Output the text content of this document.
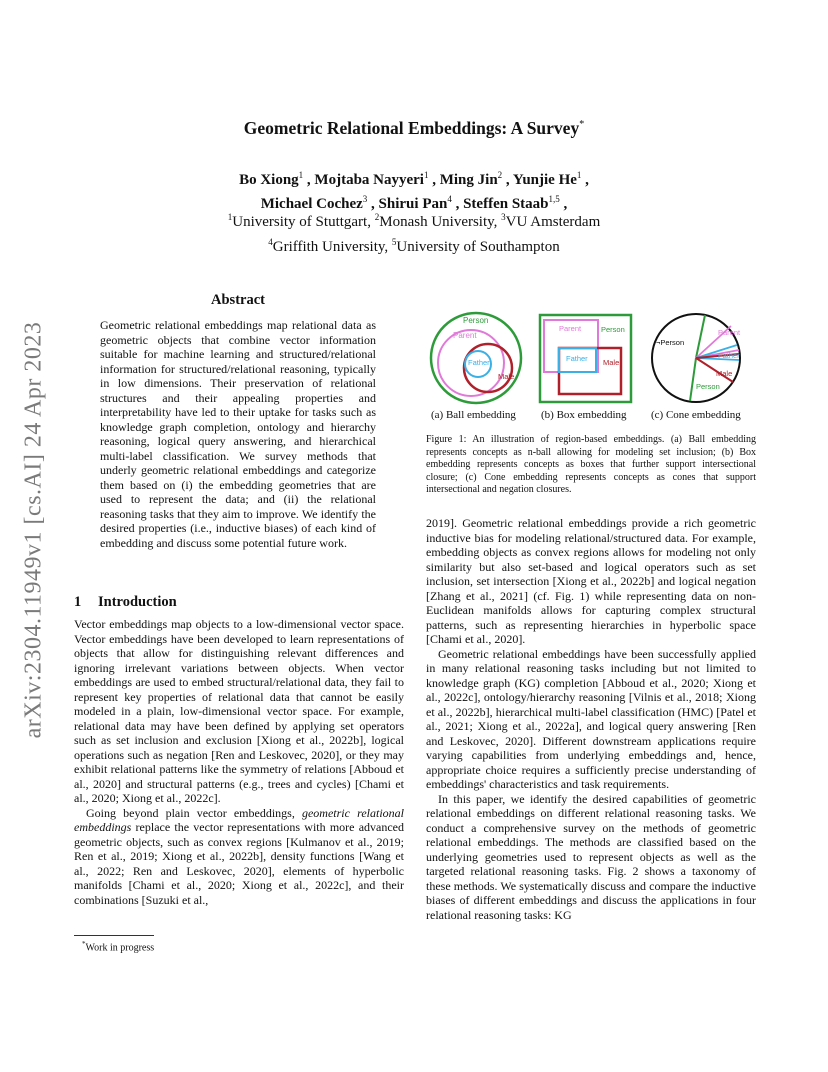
arXiv:2304.11949v1 [cs.AI] 24 Apr 2023
Geometric Relational Embeddings: A Survey*
Bo Xiong$^1$ , Mojtaba Nayyeri$^1$ , Ming Jin$^2$ , Yunjie He$^1$ ,
Michael Cochez$^3$ , Shirui Pan$^4$ , Steffen Staab$^{1,5}$ ,
$^1$University of Stuttgart, $^2$Monash University, $^3$VU Amsterdam
$^4$Griffith University, $^5$University of Southampton
Abstract
Geometric relational embeddings map relational data as geometric objects that combine vector information suitable for machine learning and structured/relational information for structured/relational reasoning, typically in low dimensions. Their preservation of relational structures and their appealing properties and interpretability have led to their uptake for tasks such as knowledge graph completion, ontology and hierarchy reasoning, logical query answering, and hierarchical multi-label classification. We survey methods that underly geometric relational embeddings and categorize them based on (i) the embedding geometries that are used to represent the data; and (ii) the relational reasoning tasks that they aim to improve. We identify the desired properties (i.e., inductive biases) of each kind of embedding and discuss some potential future work.
1 Introduction

Vector embeddings map objects to a low-dimensional vector space. Vector embeddings have been developed to learn representations of objects that allow for distinguishing relevant differences and ignoring irrelevant variations between objects. When vector embeddings are used to embed structural/relational data, they fail to represent key properties of relational data that cannot be easily modeled in a plain, low-dimensional vector space. For example, relational data may have been defined by applying set operators such as set inclusion and exclusion [Xiong et al., 2022b], logical operations such as negation [Ren and Leskovec, 2020], or they may exhibit relational patterns like the symmetry of relations [Abboud et al., 2020] and structural patterns (e.g., trees and cycles) [Chami et al., 2020; Xiong et al., 2022c].

Going beyond plain vector embeddings, geometric relational embeddings replace the vector representations with more advanced geometric objects, such as convex regions [Kulmanov et al., 2019; Ren et al., 2019; Xiong et al., 2022b], density functions [Wang et al., 2022; Ren and Leskovec, 2020], elements of hyperbolic manifolds [Chami et al., 2020; Xiong et al., 2022c], and their combinations [Suzuki et al.,

*Work in progress
Person
Parent
Father
Male
Parent	Person
Father Male
¬Person
Parent
Father
Male
Person
(a) Ball embedding (b) Box embedding (c) Cone embedding
Figure 1: An illustration of region-based embeddings. (a) Ball embedding represents concepts as n-ball allowing for modeling set inclusion; (b) Box embedding represents concepts as boxes that further support intersectional closure; (c) Cone embedding represents concepts as cones that support intersectional and negation closures.

2019]. Geometric relational embeddings provide a rich geometric inductive bias for modeling relational/structured data. For example, embedding objects as convex regions allows for modeling not only similarity but also set-based and logical operators such as set inclusion, set intersection [Xiong et al., 2022b] and logical negation [Zhang et al., 2021] (cf. Fig. 1) while representing data on non-Euclidean manifolds allows for capturing complex structural patterns, such as representing hierarchies in hyperbolic space [Chami et al., 2020].

Geometric relational embeddings have been successfully applied in many relational reasoning tasks including but not limited to knowledge graph (KG) completion [Abboud et al., 2020; Xiong et al., 2022c], ontology/hierarchy reasoning [Vilnis et al., 2018; Xiong et al., 2022b], hierarchical multi-label classification (HMC) [Patel et al., 2021; Xiong et al., 2022a], and logical query answering [Ren and Leskovec, 2020]. Different downstream applications require varying capabilities from underlying embeddings and, hence, appropriate choice requires a sufficiently precise understanding of embeddings' characteristics and task requirements.

In this paper, we identify the desired capabilities of geometric relational embeddings on different relational reasoning tasks. We conduct a comprehensive survey on the methods of geometric relational embeddings. The methods are classified based on the underlying geometries used to represent objects as well as the targeted relational reasoning tasks. Fig. 2 shows a taxonomy of these methods. We systematically discuss and compare the inductive biases of different embeddings and discuss the applications in four relational reasoning tasks: KG
